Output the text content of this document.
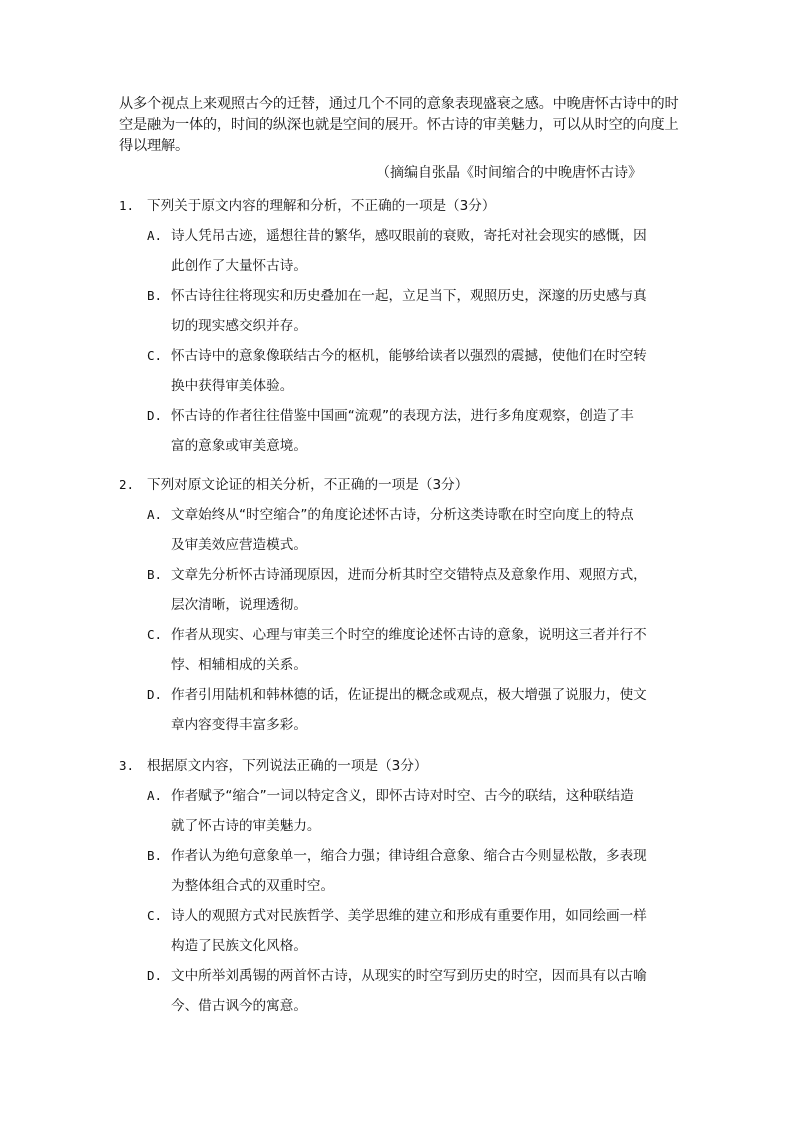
从多个视点上来观照古今的迁替，通过几个不同的意象表现盛衰之感。中晚唐怀古诗中的时
空是融为一体的，时间的纵深也就是空间的展开。怀古诗的审美魅力，可以从时空的向度上
得以理解。
（摘编自张晶《时间缩合的中晚唐怀古诗》
1. 下列关于原文内容的理解和分析，不正确的一项是（3分）
A. 诗人凭吊古迹，遥想往昔的繁华，感叹眼前的衰败，寄托对社会现实的感慨，因
此创作了大量怀古诗。
B. 怀古诗往往将现实和历史叠加在一起，立足当下，观照历史，深邃的历史感与真
切的现实感交织并存。
C. 怀古诗中的意象像联结古今的枢机，能够给读者以强烈的震撼，使他们在时空转
换中获得审美体验。
D. 怀古诗的作者往往借鉴中国画“流观”的表现方法，进行多角度观察，创造了丰
富的意象或审美意境。
2. 下列对原文论证的相关分析，不正确的一项是（3分）
A. 文章始终从“时空缩合”的角度论述怀古诗，分析这类诗歌在时空向度上的特点
及审美效应营造模式。
B. 文章先分析怀古诗涌现原因，进而分析其时空交错特点及意象作用、观照方式，
层次清晰，说理透彻。
C. 作者从现实、心理与审美三个时空的维度论述怀古诗的意象，说明这三者并行不
悖、相辅相成的关系。
D. 作者引用陆机和韩林德的话，佐证提出的概念或观点，极大增强了说服力，使文
章内容变得丰富多彩。
3. 根据原文内容，下列说法正确的一项是（3分）
A. 作者赋予“缩合”一词以特定含义，即怀古诗对时空、古今的联结，这种联结造
就了怀古诗的审美魅力。
B. 作者认为绝句意象单一，缩合力强；律诗组合意象、缩合古今则显松散，多表现
为整体组合式的双重时空。
C. 诗人的观照方式对民族哲学、美学思维的建立和形成有重要作用，如同绘画一样
构造了民族文化风格。
D. 文中所举刘禹锡的两首怀古诗，从现实的时空写到历史的时空，因而具有以古喻
今、借古讽今的寓意。
